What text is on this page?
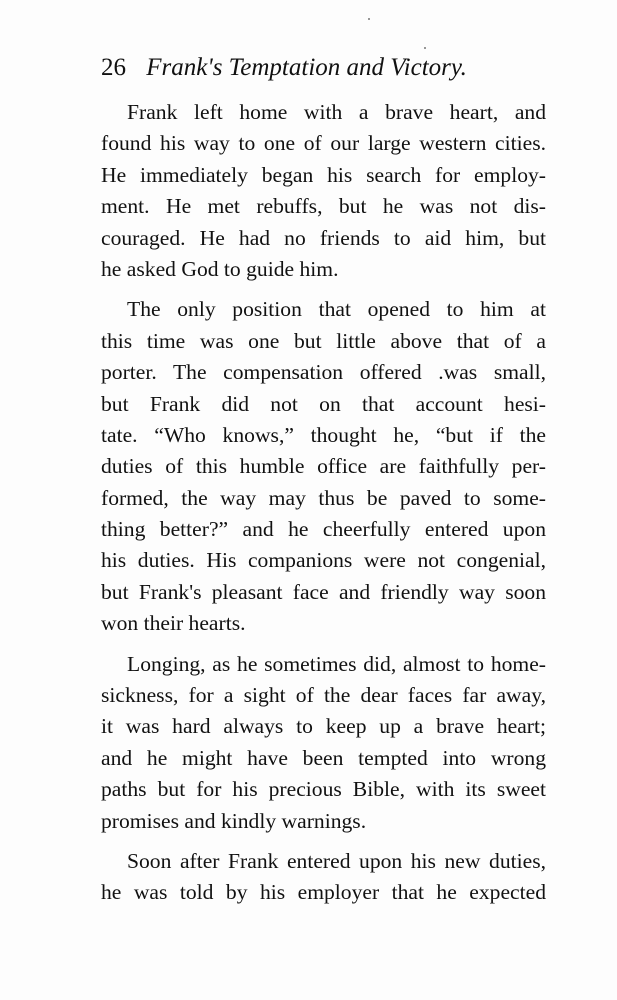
26 Frank's Temptation and Victory.
Frank left home with a brave heart, and
found his way to one of our large western cities.
He immediately began his search for employ-
ment. He met rebuffs, but he was not dis-
couraged. He had no friends to aid him, but
he asked God to guide him.
The only position that opened to him at
this time was one but little above that of a
porter. The compensation offered .was small,
but Frank did not on that account hesi-
tate. “Who knows,” thought he, “but if the
duties of this humble office are faithfully per-
formed, the way may thus be paved to some-
thing better?” and he cheerfully entered upon
his duties. His companions were not congenial,
but Frank's pleasant face and friendly way soon
won their hearts.
Longing, as he sometimes did, almost to home-
sickness, for a sight of the dear faces far away,
it was hard always to keep up a brave heart;
and he might have been tempted into wrong
paths but for his precious Bible, with its sweet
promises and kindly warnings.
Soon after Frank entered upon his new duties,
he was told by his employer that he expected
